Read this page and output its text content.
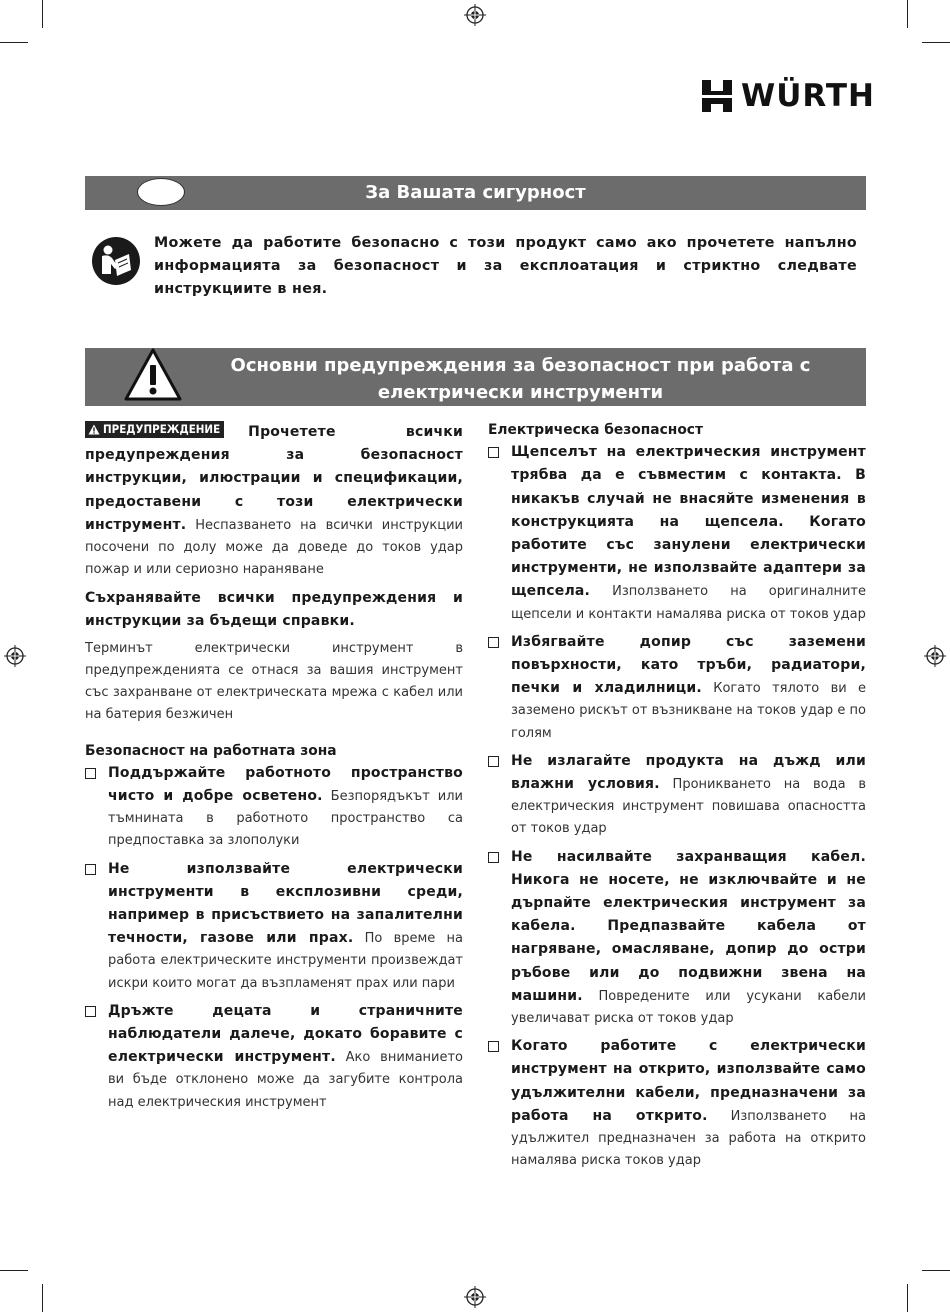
WÜRTH
За Вашата сигурност
Можете да работите безопасно с този продукт само ако прочетете напълно информацията за безопасност и за експлоатация и стриктно следвате инструкциите в нея.
Основни предупреждения за безопасност при работа с
електрически инструменти

ПРЕДУПРЕЖДЕНИЕ Прочетете всички предупреждения за безопасност инструкции, илюстрации и спецификации, предоставени с този електрически инструмент. Неспазването на всички инструкции посочени по долу може да доведе до токов удар пожар и или сериозно нараняване

Съхранявайте всички предупреждения и инструкции за бъдещи справки.

Терминът електрически инструмент в предупрежденията се отнася за вашия инструмент със захранване от електрическата мрежа с кабел или на батерия безжичен

Безопасност на работната зона

Поддържайте работното пространство чисто и добре осветено. Безпорядъкът или тъмнината в работното пространство са предпоставка за злополуки
Не използвайте електрически инструменти в експлозивни среди, например в присъствието на запалителни течности, газове или прах. По време на работа електрическите инструменти произвеждат искри които могат да възпламенят прах или пари
Дръжте децата и страничните наблюдатели далече, докато боравите с електрически инструмент. Ако вниманието ви бъде отклонено може да загубите контрола над електрическия инструмент

Електрическа безопасност

Щепселът на електрическия инструмент трябва да е съвместим с контакта. В никакъв случай не внасяйте изменения в конструкцията на щепсела. Когато работите със занулени електрически инструменти, не използвайте адаптери за щепсела. Използването на оригиналните щепсели и контакти намалява риска от токов удар
Избягвайте допир със заземени повърхности, като тръби, радиатори, печки и хладилници. Когато тялото ви е заземено рискът от възникване на токов удар е по голям
Не излагайте продукта на дъжд или влажни условия. Проникването на вода в електрическия инструмент повишава опасността от токов удар
Не насилвайте захранващия кабел. Никога не носете, не изключвайте и не дърпайте електрическия инструмент за кабела. Предпазвайте кабела от нагряване, омасляване, допир до остри ръбове или до подвижни звена на машини. Повредените или усукани кабели увеличават риска от токов удар
Когато работите с електрически инструмент на открито, използвайте само удължителни кабели, предназначени за работа на открито. Използването на удължител предназначен за работа на открито намалява риска токов удар
